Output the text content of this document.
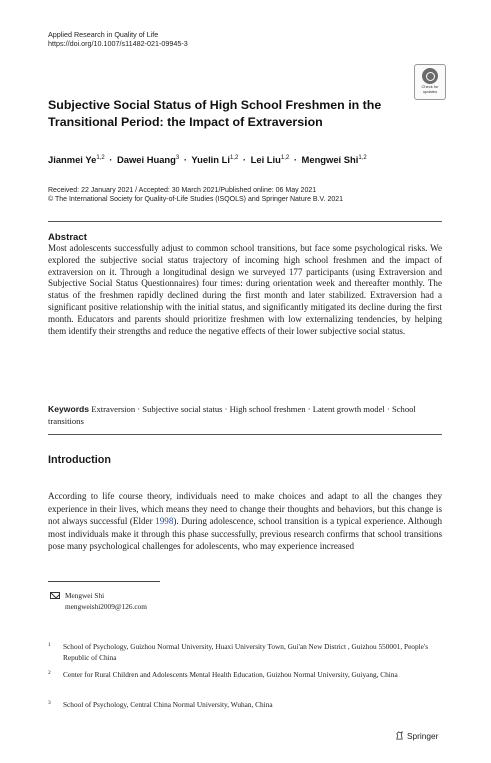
Applied Research in Quality of Life
https://doi.org/10.1007/s11482-021-09945-3
Check for
updates
Subjective Social Status of High School Freshmen in the Transitional Period: the Impact of Extraversion
Jianmei Ye$^{1,2}$ · Dawei Huang$^3$ · Yuelin Li$^{1,2}$ · Lei Liu$^{1,2}$ · Mengwei Shi$^{1,2}$
Received: 22 January 2021 / Accepted: 30 March 2021/Published online: 06 May 2021
© The International Society for Quality-of-Life Studies (ISQOLS) and Springer Nature B.V. 2021
Abstract
Most adolescents successfully adjust to common school transitions, but face some psychological risks. We explored the subjective social status trajectory of incoming high school freshmen and the impact of extraversion on it. Through a longitudinal design we surveyed 177 participants (using Extraversion and Subjective Social Status Questionnaires) four times: during orientation week and thereafter monthly. The status of the freshmen rapidly declined during the first month and later stabilized. Extraversion had a significant positive relationship with the initial status, and significantly mitigated its decline during the first month. Educators and parents should prioritize freshmen with low externalizing tendencies, by helping them identify their strengths and reduce the negative effects of their lower subjective social status.
Keywords Extraversion · Subjective social status · High school freshmen · Latent growth model · School transitions
Introduction
According to life course theory, individuals need to make choices and adapt to all the changes they experience in their lives, which means they need to change their thoughts and behaviors, but this change is not always successful (Elder 1998). During adolescence, school transition is a typical experience. Although most individuals make it through this phase successfully, previous research confirms that school transitions pose many psychological challenges for adolescents, who may experience increased
Mengwei Shi
mengweishi2009@126.com
1 School of Psychology, Guizhou Normal University, Huaxi University Town, Gui'an New District , Guizhou 550001, People's Republic of China
2 Center for Rural Children and Adolescents Mental Health Education, Guizhou Normal University, Guiyang, China
3 School of Psychology, Central China Normal University, Wuhan, China
Springer
